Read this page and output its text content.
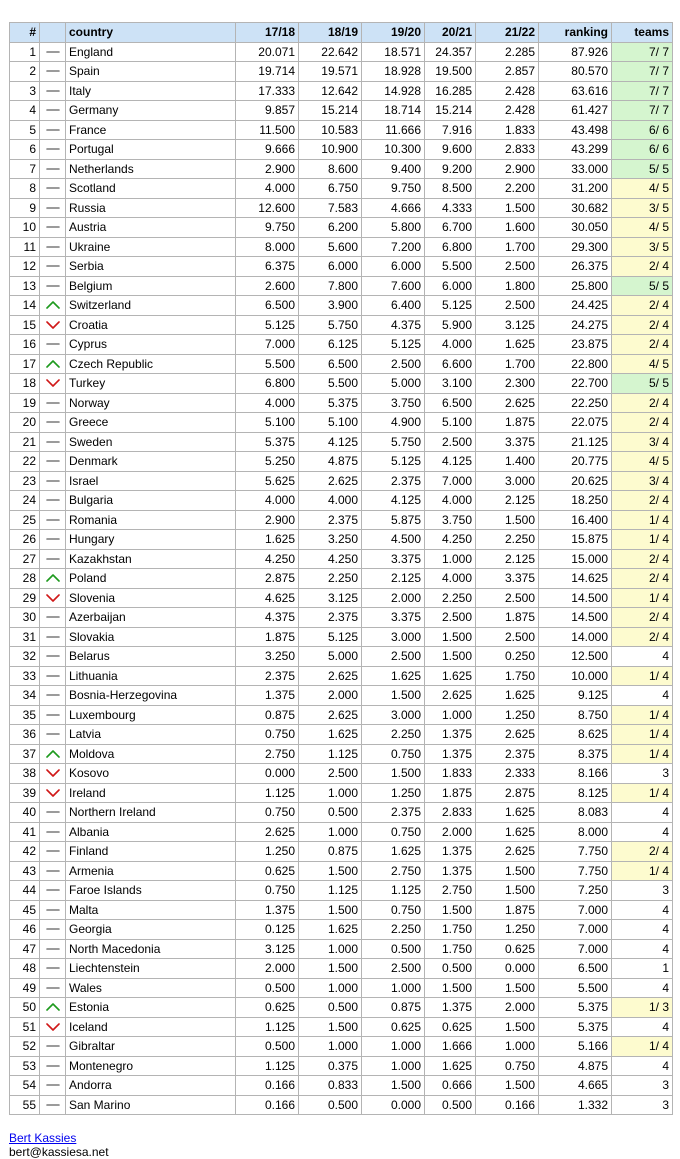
#		country	17/18	18/19	19/20	20/21	21/22	ranking	teams
1		England	20.071	22.642	18.571	24.357	2.285	87.926	7/ 7
2		Spain	19.714	19.571	18.928	19.500	2.857	80.570	7/ 7
3		Italy	17.333	12.642	14.928	16.285	2.428	63.616	7/ 7
4		Germany	9.857	15.214	18.714	15.214	2.428	61.427	7/ 7
5		France	11.500	10.583	11.666	7.916	1.833	43.498	6/ 6
6		Portugal	9.666	10.900	10.300	9.600	2.833	43.299	6/ 6
7		Netherlands	2.900	8.600	9.400	9.200	2.900	33.000	5/ 5
8		Scotland	4.000	6.750	9.750	8.500	2.200	31.200	4/ 5
9		Russia	12.600	7.583	4.666	4.333	1.500	30.682	3/ 5
10		Austria	9.750	6.200	5.800	6.700	1.600	30.050	4/ 5
11		Ukraine	8.000	5.600	7.200	6.800	1.700	29.300	3/ 5
12		Serbia	6.375	6.000	6.000	5.500	2.500	26.375	2/ 4
13		Belgium	2.600	7.800	7.600	6.000	1.800	25.800	5/ 5
14		Switzerland	6.500	3.900	6.400	5.125	2.500	24.425	2/ 4
15		Croatia	5.125	5.750	4.375	5.900	3.125	24.275	2/ 4
16		Cyprus	7.000	6.125	5.125	4.000	1.625	23.875	2/ 4
17		Czech Republic	5.500	6.500	2.500	6.600	1.700	22.800	4/ 5
18		Turkey	6.800	5.500	5.000	3.100	2.300	22.700	5/ 5
19		Norway	4.000	5.375	3.750	6.500	2.625	22.250	2/ 4
20		Greece	5.100	5.100	4.900	5.100	1.875	22.075	2/ 4
21		Sweden	5.375	4.125	5.750	2.500	3.375	21.125	3/ 4
22		Denmark	5.250	4.875	5.125	4.125	1.400	20.775	4/ 5
23		Israel	5.625	2.625	2.375	7.000	3.000	20.625	3/ 4
24		Bulgaria	4.000	4.000	4.125	4.000	2.125	18.250	2/ 4
25		Romania	2.900	2.375	5.875	3.750	1.500	16.400	1/ 4
26		Hungary	1.625	3.250	4.500	4.250	2.250	15.875	1/ 4
27		Kazakhstan	4.250	4.250	3.375	1.000	2.125	15.000	2/ 4
28		Poland	2.875	2.250	2.125	4.000	3.375	14.625	2/ 4
29		Slovenia	4.625	3.125	2.000	2.250	2.500	14.500	1/ 4
30		Azerbaijan	4.375	2.375	3.375	2.500	1.875	14.500	2/ 4
31		Slovakia	1.875	5.125	3.000	1.500	2.500	14.000	2/ 4
32		Belarus	3.250	5.000	2.500	1.500	0.250	12.500	4
33		Lithuania	2.375	2.625	1.625	1.625	1.750	10.000	1/ 4
34		Bosnia-Herzegovina	1.375	2.000	1.500	2.625	1.625	9.125	4
35		Luxembourg	0.875	2.625	3.000	1.000	1.250	8.750	1/ 4
36		Latvia	0.750	1.625	2.250	1.375	2.625	8.625	1/ 4
37		Moldova	2.750	1.125	0.750	1.375	2.375	8.375	1/ 4
38		Kosovo	0.000	2.500	1.500	1.833	2.333	8.166	3
39		Ireland	1.125	1.000	1.250	1.875	2.875	8.125	1/ 4
40		Northern Ireland	0.750	0.500	2.375	2.833	1.625	8.083	4
41		Albania	2.625	1.000	0.750	2.000	1.625	8.000	4
42		Finland	1.250	0.875	1.625	1.375	2.625	7.750	2/ 4
43		Armenia	0.625	1.500	2.750	1.375	1.500	7.750	1/ 4
44		Faroe Islands	0.750	1.125	1.125	2.750	1.500	7.250	3
45		Malta	1.375	1.500	0.750	1.500	1.875	7.000	4
46		Georgia	0.125	1.625	2.250	1.750	1.250	7.000	4
47		North Macedonia	3.125	1.000	0.500	1.750	0.625	7.000	4
48		Liechtenstein	2.000	1.500	2.500	0.500	0.000	6.500	1
49		Wales	0.500	1.000	1.000	1.500	1.500	5.500	4
50		Estonia	0.625	0.500	0.875	1.375	2.000	5.375	1/ 3
51		Iceland	1.125	1.500	0.625	0.625	1.500	5.375	4
52		Gibraltar	0.500	1.000	1.000	1.666	1.000	5.166	1/ 4
53		Montenegro	1.125	0.375	1.000	1.625	0.750	4.875	4
54		Andorra	0.166	0.833	1.500	0.666	1.500	4.665	3
55		San Marino	0.166	0.500	0.000	0.500	0.166	1.332	3
Bert Kassies
bert@kassiesa.net
